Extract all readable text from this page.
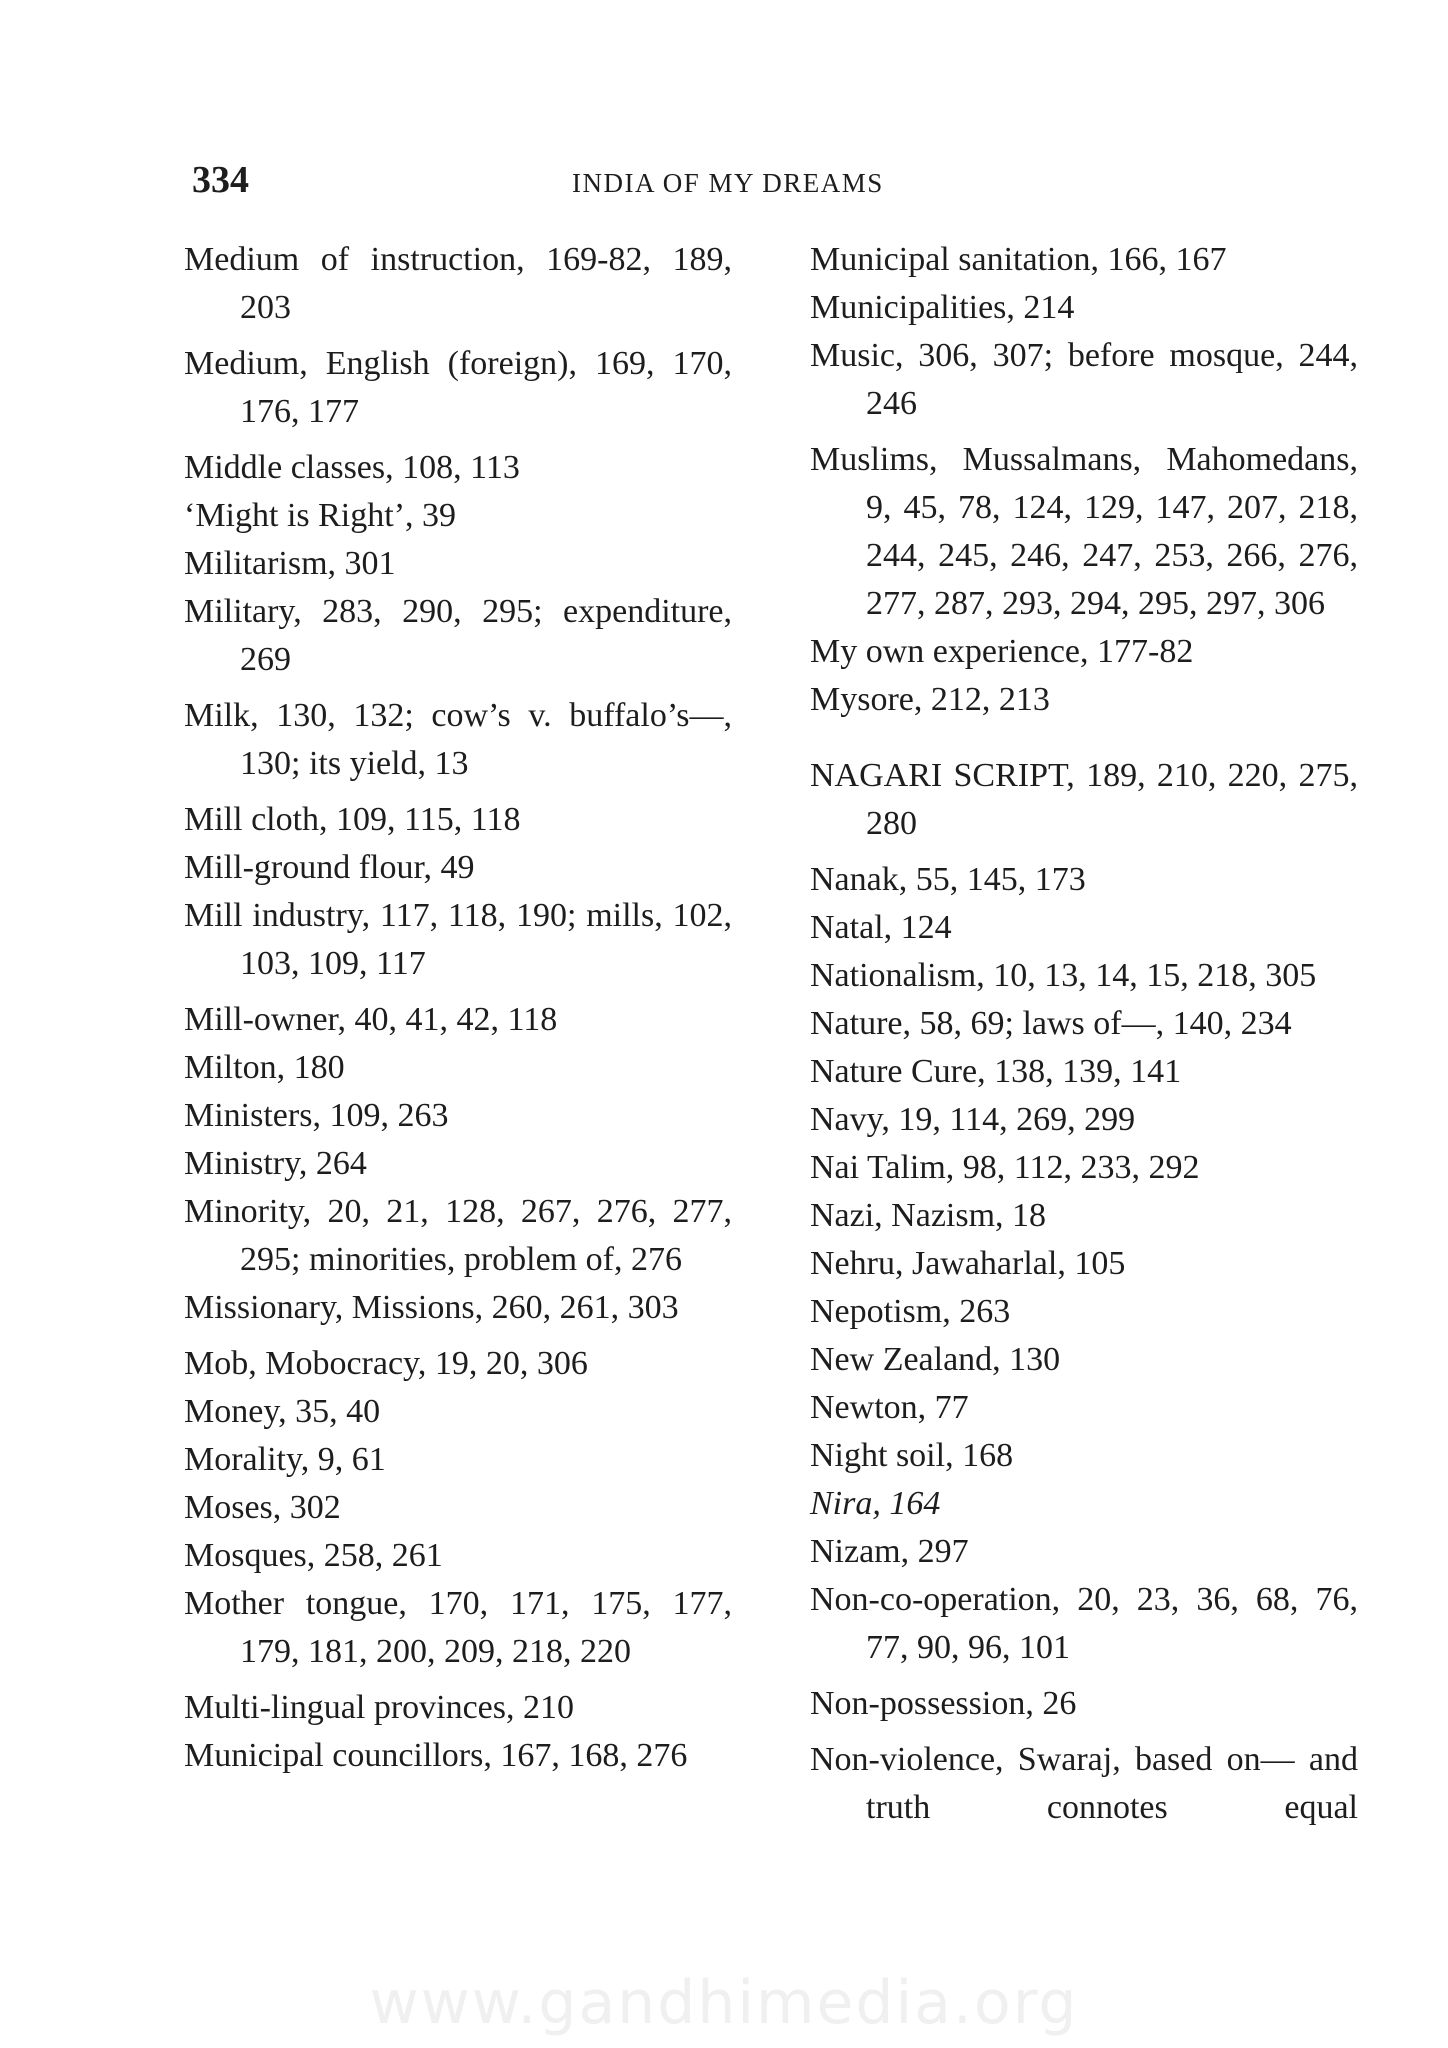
334	INDIA OF MY DREAMS
Medium of instruction, 169-82, 189, 203
Medium, English (foreign), 169, 170, 176, 177
Middle classes, 108, 113
‘Might is Right’, 39
Militarism, 301
Military, 283, 290, 295; expenditure, 269
Milk, 130, 132; cow’s v. buffalo’s—, 130; its yield, 13
Mill cloth, 109, 115, 118
Mill-ground flour, 49
Mill industry, 117, 118, 190; mills, 102, 103, 109, 117
Mill-owner, 40, 41, 42, 118
Milton, 180
Ministers, 109, 263
Ministry, 264
Minority, 20, 21, 128, 267, 276, 277, 295; minorities, problem of, 276
Missionary, Missions, 260, 261, 303
Mob, Mobocracy, 19, 20, 306
Money, 35, 40
Morality, 9, 61
Moses, 302
Mosques, 258, 261
Mother tongue, 170, 171, 175, 177, 179, 181, 200, 209, 218, 220
Multi-lingual provinces, 210
Municipal councillors, 167, 168, 276
Municipal sanitation, 166, 167
Municipalities, 214
Music, 306, 307; before mosque, 244, 246
Muslims, Mussalmans, Mahomedans, 9, 45, 78, 124, 129, 147, 207, 218, 244, 245, 246, 247, 253, 266, 276, 277, 287, 293, 294, 295, 297, 306
My own experience, 177-82
Mysore, 212, 213
NAGARI SCRIPT, 189, 210, 220, 275, 280
Nanak, 55, 145, 173
Natal, 124
Nationalism, 10, 13, 14, 15, 218, 305
Nature, 58, 69; laws of—, 140, 234
Nature Cure, 138, 139, 141
Navy, 19, 114, 269, 299
Nai Talim, 98, 112, 233, 292
Nazi, Nazism, 18
Nehru, Jawaharlal, 105
Nepotism, 263
New Zealand, 130
Newton, 77
Night soil, 168
Nira, 164
Nizam, 297
Non-co-operation, 20, 23, 36, 68, 76, 77, 90, 96, 101
Non-possession, 26
Non-violence, Swaraj, based on— and truth connotes equal
www.gandhimedia.org
